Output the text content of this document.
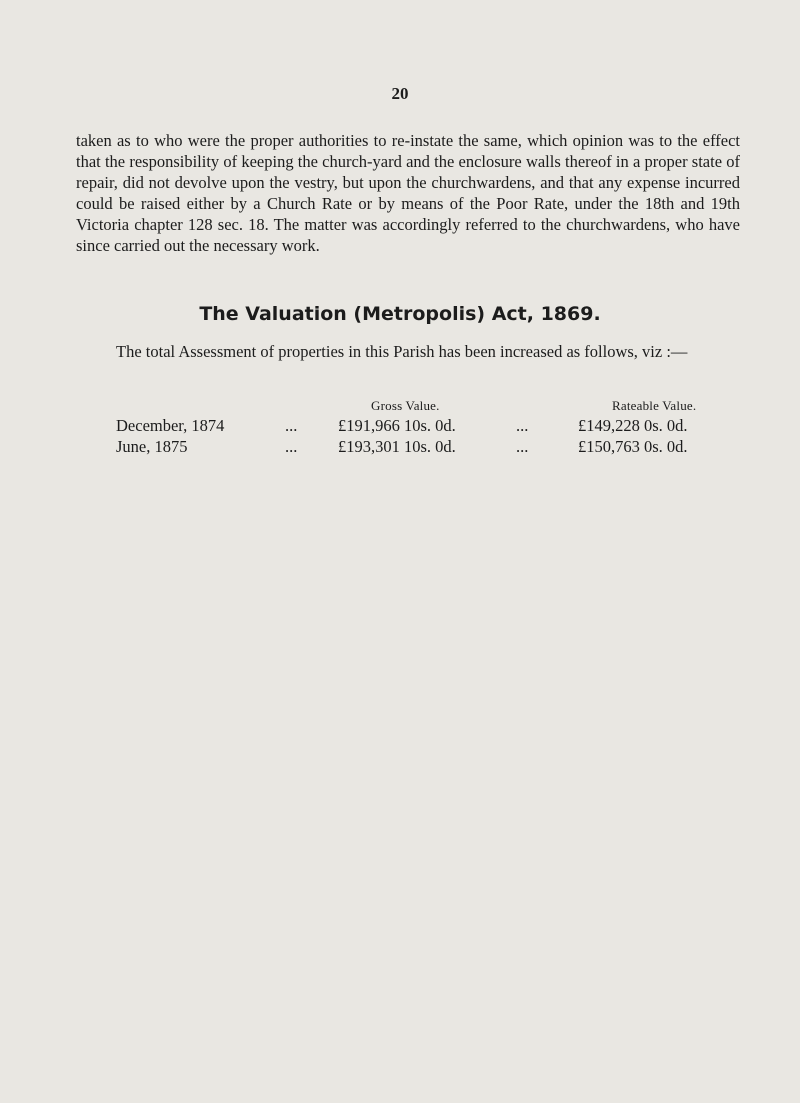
20

taken as to who were the proper authorities to re-instate the same, which opinion was to the effect that the responsibility of keeping the church-yard and the enclosure walls thereof in a proper state of repair, did not devolve upon the vestry, but upon the churchwardens, and that any expense incurred could be raised either by a Church Rate or by means of the Poor Rate, under the 18th and 19th Victoria chapter 128 sec. 18. The matter was accordingly referred to the churchwardens, who have since carried out the necessary work.

The Valuation (Metropolis) Act, 1869.

The total Assessment of properties in this Parish has been increased as follows, viz :—

Gross Value.	Rateable Value.
December, 1874	... £191,966 10s. 0d.	...	£149,228 0s. 0d.
June, 1875	... £193,301 10s. 0d.	...	£150,763 0s. 0d.
